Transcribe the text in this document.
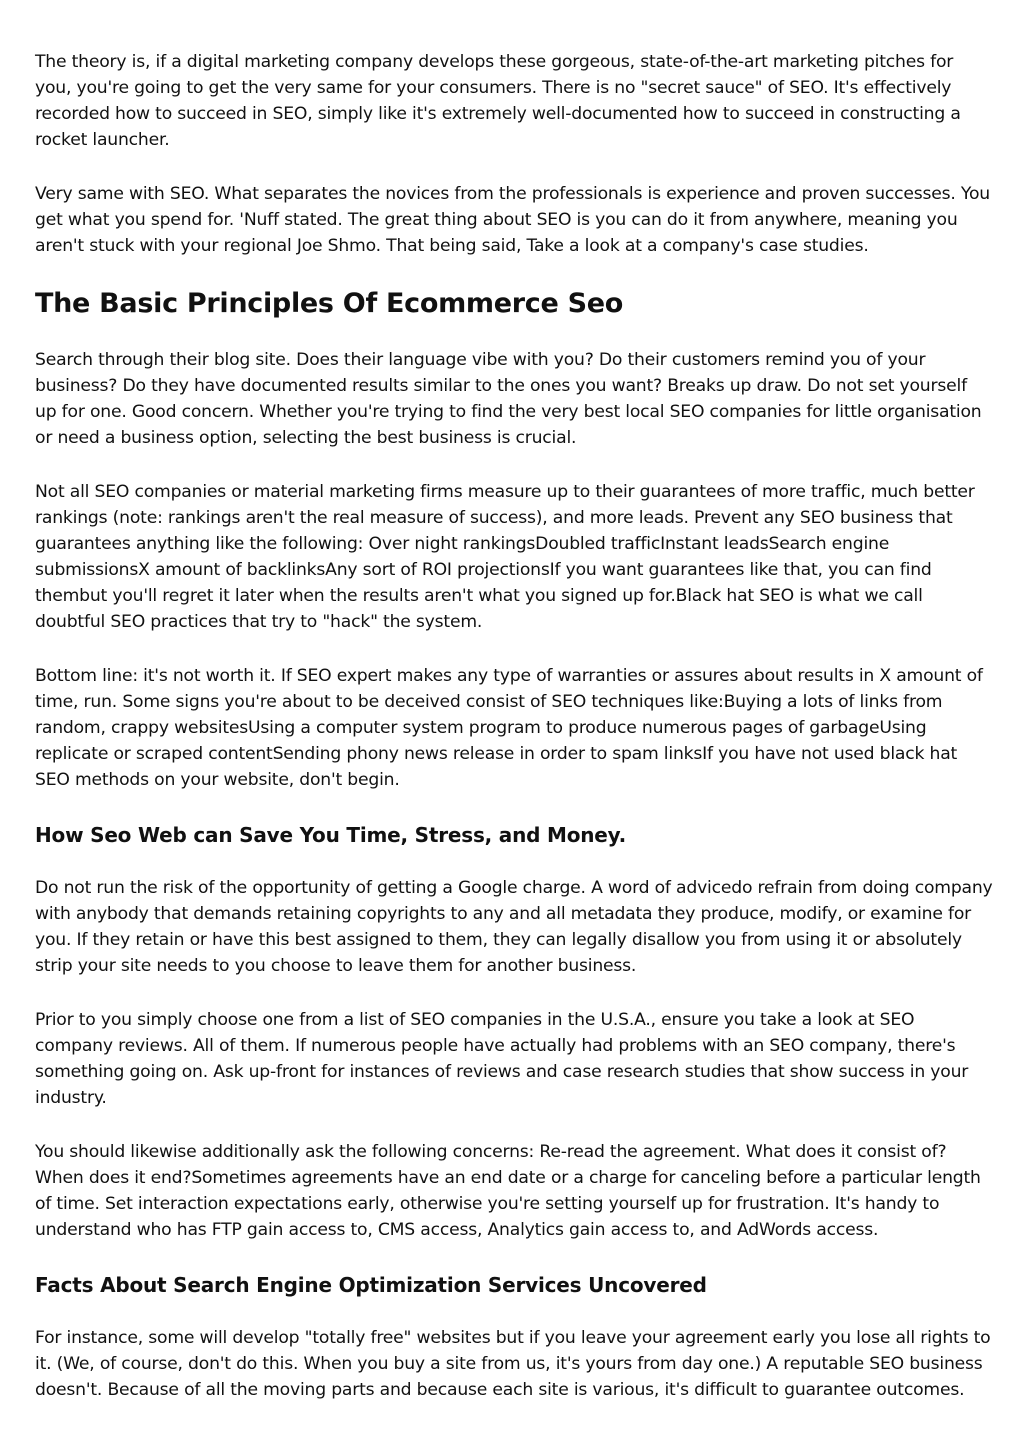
The theory is, if a digital marketing company develops these gorgeous, state-of-the-art marketing pitches for you, you're going to get the very same for your consumers. There is no "secret sauce" of SEO. It's effectively recorded how to succeed in SEO, simply like it's extremely well-documented how to succeed in constructing a rocket launcher.

Very same with SEO. What separates the novices from the professionals is experience and proven successes. You get what you spend for. 'Nuff stated. The great thing about SEO is you can do it from anywhere, meaning you aren't stuck with your regional Joe Shmo. That being said, Take a look at a company's case studies.

The Basic Principles Of Ecommerce Seo

Search through their blog site. Does their language vibe with you? Do their customers remind you of your business? Do they have documented results similar to the ones you want? Breaks up draw. Do not set yourself up for one. Good concern. Whether you're trying to find the very best local SEO companies for little organisation or need a business option, selecting the best business is crucial.

Not all SEO companies or material marketing firms measure up to their guarantees of more traffic, much better rankings (note: rankings aren't the real measure of success), and more leads. Prevent any SEO business that guarantees anything like the following: Over night rankingsDoubled trafficInstant leadsSearch engine submissionsX amount of backlinksAny sort of ROI projectionsIf you want guarantees like that, you can find thembut you'll regret it later when the results aren't what you signed up for.Black hat SEO is what we call doubtful SEO practices that try to "hack" the system.

Bottom line: it's not worth it. If SEO expert makes any type of warranties or assures about results in X amount of time, run. Some signs you're about to be deceived consist of SEO techniques like:Buying a lots of links from random, crappy websitesUsing a computer system program to produce numerous pages of garbageUsing replicate or scraped contentSending phony news release in order to spam linksIf you have not used black hat SEO methods on your website, don't begin.

How Seo Web can Save You Time, Stress, and Money.

Do not run the risk of the opportunity of getting a Google charge. A word of advicedo refrain from doing company with anybody that demands retaining copyrights to any and all metadata they produce, modify, or examine for you. If they retain or have this best assigned to them, they can legally disallow you from using it or absolutely strip your site needs to you choose to leave them for another business.

Prior to you simply choose one from a list of SEO companies in the U.S.A., ensure you take a look at SEO company reviews. All of them. If numerous people have actually had problems with an SEO company, there's something going on. Ask up-front for instances of reviews and case research studies that show success in your industry.

You should likewise additionally ask the following concerns: Re-read the agreement. What does it consist of? When does it end?Sometimes agreements have an end date or a charge for canceling before a particular length of time. Set interaction expectations early, otherwise you're setting yourself up for frustration. It's handy to understand who has FTP gain access to, CMS access, Analytics gain access to, and AdWords access.

Facts About Search Engine Optimization Services Uncovered

For instance, some will develop "totally free" websites but if you leave your agreement early you lose all rights to it. (We, of course, don't do this. When you buy a site from us, it's yours from day one.) A reputable SEO business doesn't. Because of all the moving parts and because each site is various, it's difficult to guarantee outcomes.
